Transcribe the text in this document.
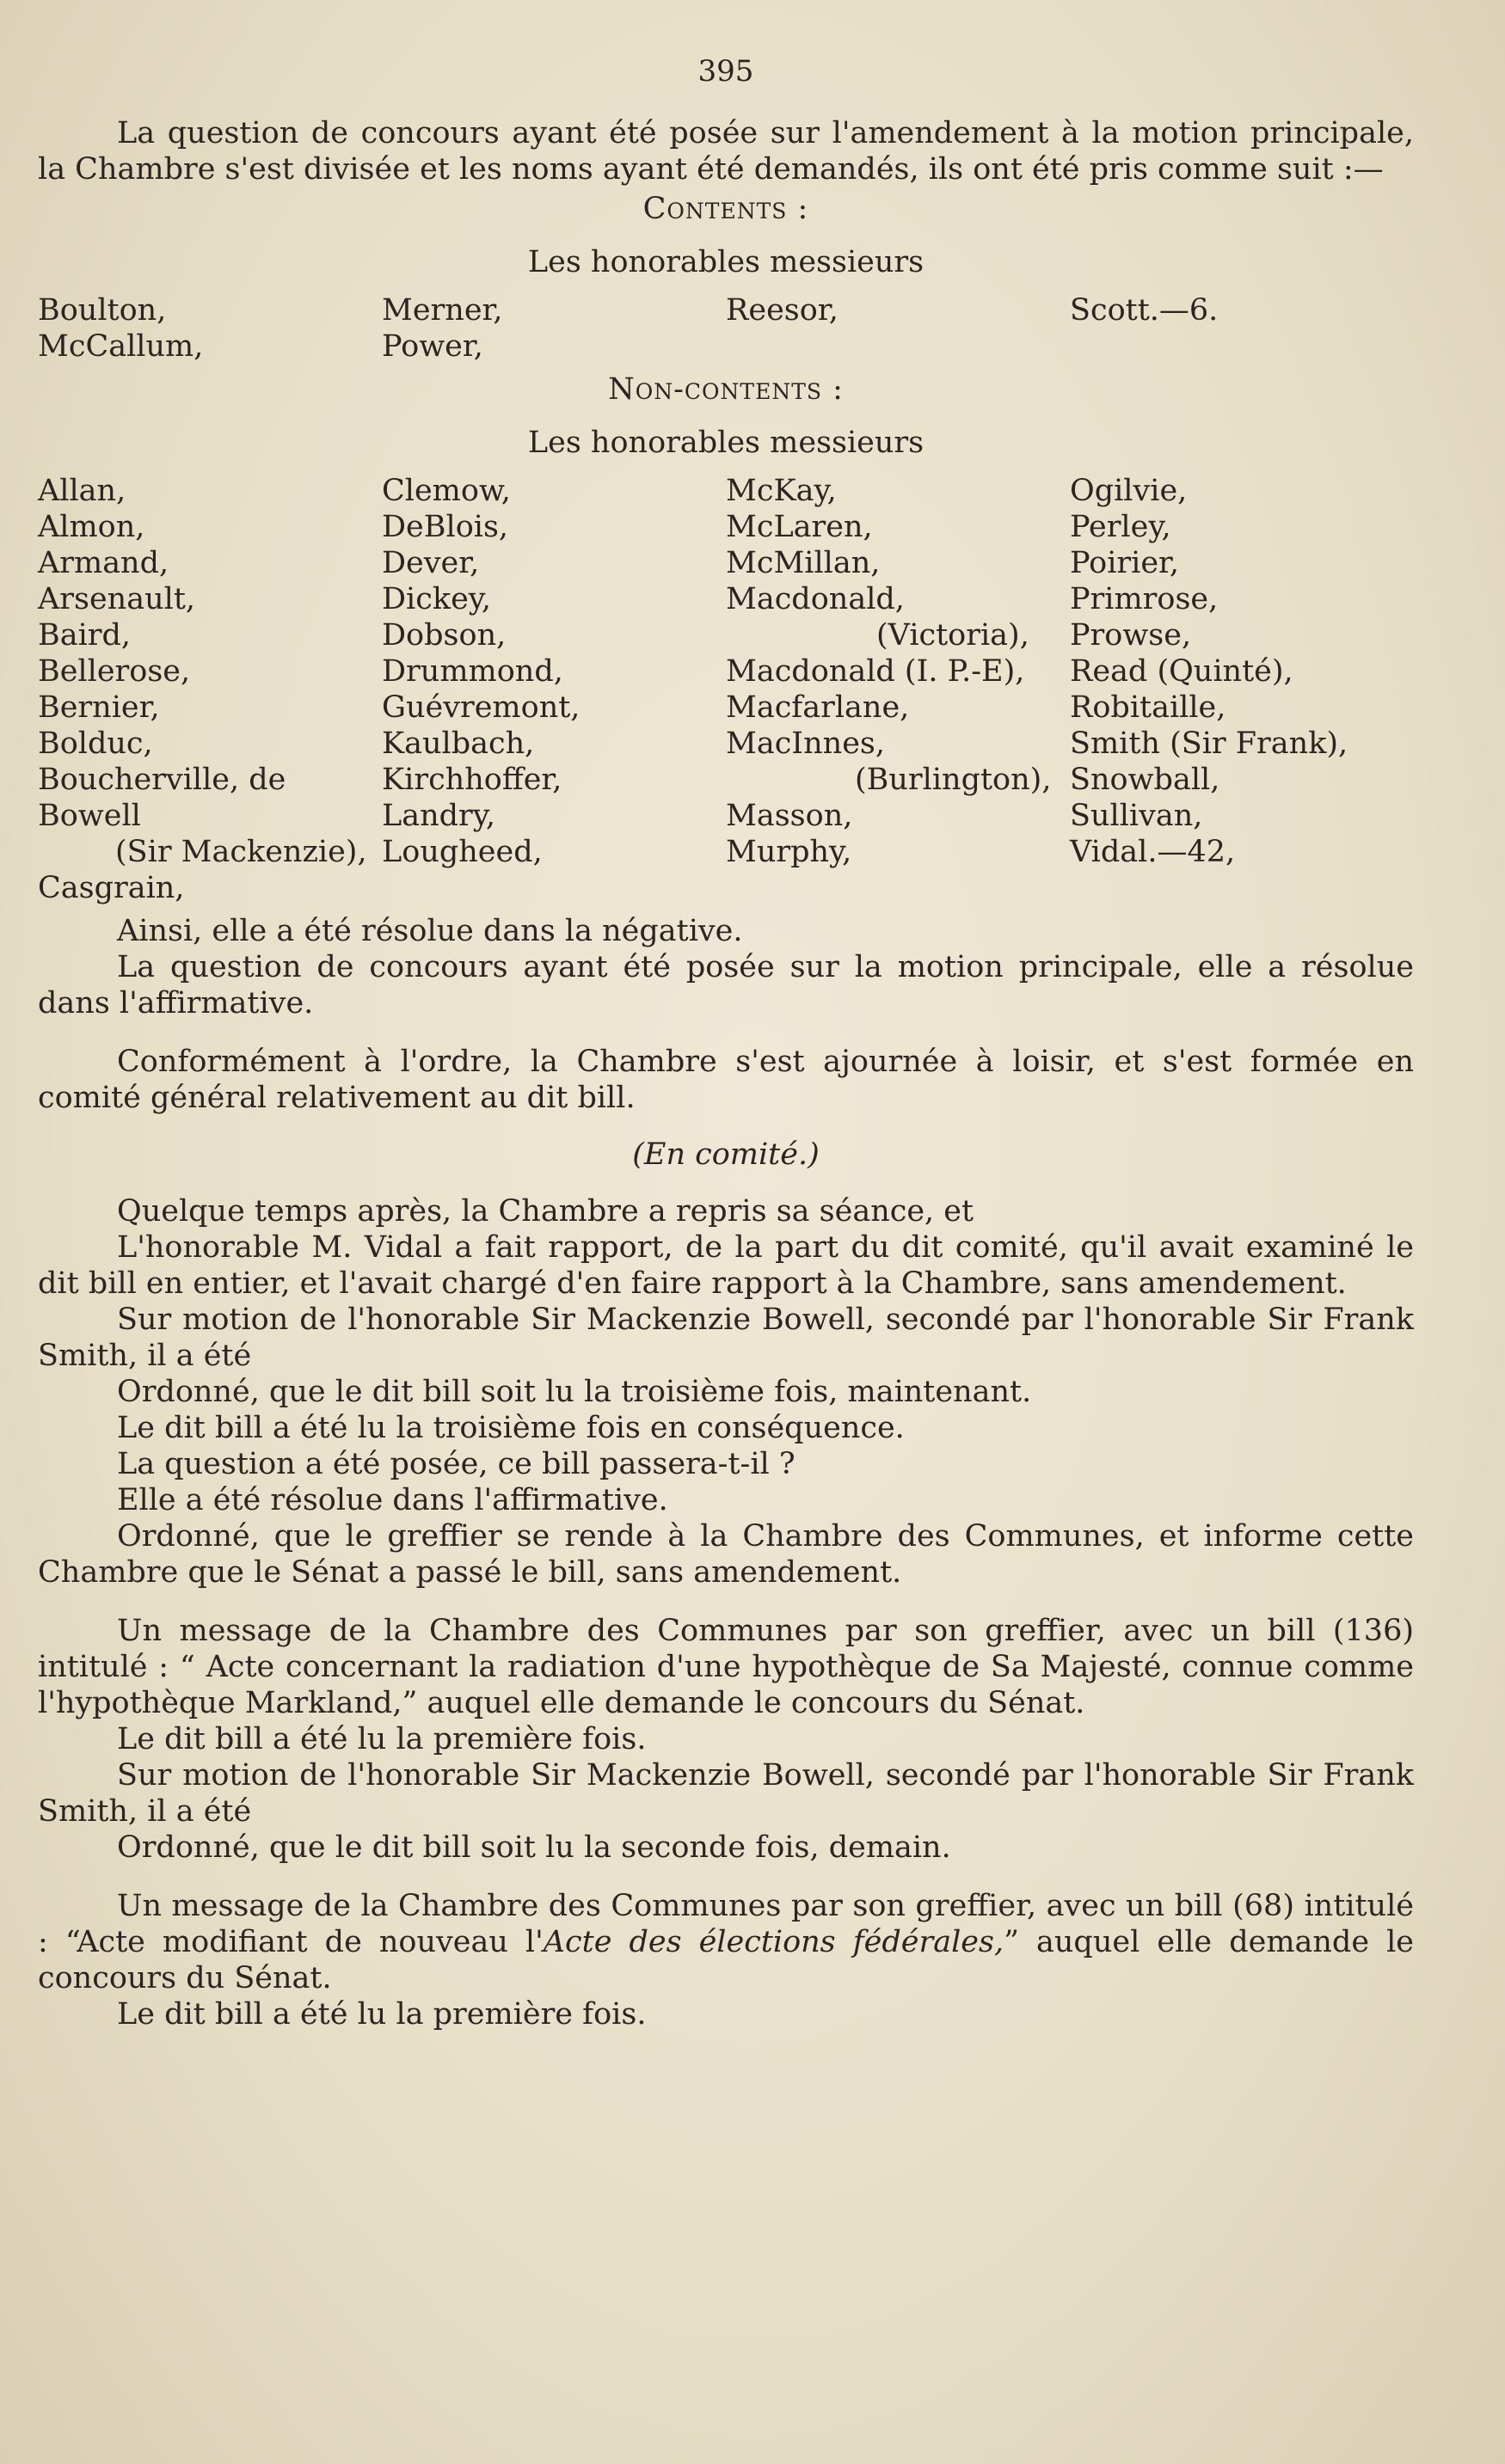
395

La question de concours ayant été posée sur l'amendement à la motion principale, la Chambre s'est divisée et les noms ayant été demandés, ils ont été pris comme suit :—

Contents :
Les honorables messieurs
Boulton,
McCallum,
Merner,
Power,
Reesor,	Scott.—6.
Non-contents :
Les honorables messieurs
Allan,
Almon,
Armand,
Arsenault,
Baird,
Bellerose,
Bernier,
Bolduc,
Boucherville, de
Bowell
(Sir Mackenzie),
Casgrain,
Clemow,
DeBlois,
Dever,
Dickey,
Dobson,
Drummond,
Guévremont,
Kaulbach,
Kirchhoffer,
Landry,
Lougheed,
McKay,
McLaren,
McMillan,
Macdonald,
(Victoria),
Macdonald (I. P.-E),
Macfarlane,
MacInnes,
(Burlington),
Masson,
Murphy,
Ogilvie,
Perley,
Poirier,
Primrose,
Prowse,
Read (Quinté),
Robitaille,
Smith (Sir Frank),
Snowball,
Sullivan,
Vidal.—42,

Ainsi, elle a été résolue dans la négative.

La question de concours ayant été posée sur la motion principale, elle a résolue dans l'affirmative.

Conformément à l'ordre, la Chambre s'est ajournée à loisir, et s'est formée en comité général relativement au dit bill.

(En comité.)

Quelque temps après, la Chambre a repris sa séance, et

L'honorable M. Vidal a fait rapport, de la part du dit comité, qu'il avait examiné le dit bill en entier, et l'avait chargé d'en faire rapport à la Chambre, sans amendement.

Sur motion de l'honorable Sir Mackenzie Bowell, secondé par l'honorable Sir Frank Smith, il a été

Ordonné, que le dit bill soit lu la troisième fois, maintenant.

Le dit bill a été lu la troisième fois en conséquence.

La question a été posée, ce bill passera-t-il ?

Elle a été résolue dans l'affirmative.

Ordonné, que le greffier se rende à la Chambre des Communes, et informe cette Chambre que le Sénat a passé le bill, sans amendement.

Un message de la Chambre des Communes par son greffier, avec un bill (136) intitulé : “ Acte concernant la radiation d'une hypothèque de Sa Majesté, connue comme l'hypothèque Markland,” auquel elle demande le concours du Sénat.

Le dit bill a été lu la première fois.

Sur motion de l'honorable Sir Mackenzie Bowell, secondé par l'honorable Sir Frank Smith, il a été

Ordonné, que le dit bill soit lu la seconde fois, demain.

Un message de la Chambre des Communes par son greffier, avec un bill (68) intitulé : “Acte modifiant de nouveau l'Acte des élections fédérales,” auquel elle demande le concours du Sénat.

Le dit bill a été lu la première fois.
